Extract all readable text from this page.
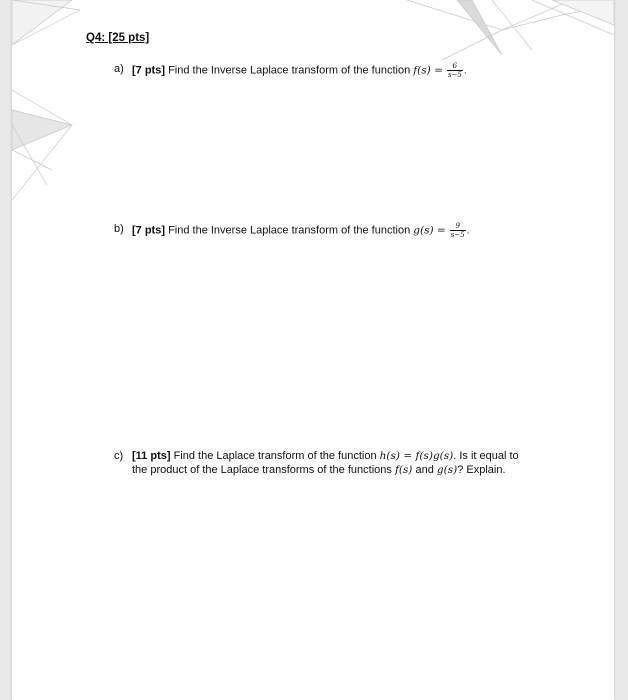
Q4: [25 pts]
a) [7 pts] Find the Inverse Laplace transform of the function $f(s) = \frac{6}{s-5}$ .
b) [7 pts] Find the Inverse Laplace transform of the function $g(s) = \frac{9}{s-5}$ .
c) [11 pts] Find the Laplace transform of the function h(s) = f(s)g(s). Is it equal to the product of the Laplace transforms of the functions f(s) and g(s)? Explain.
